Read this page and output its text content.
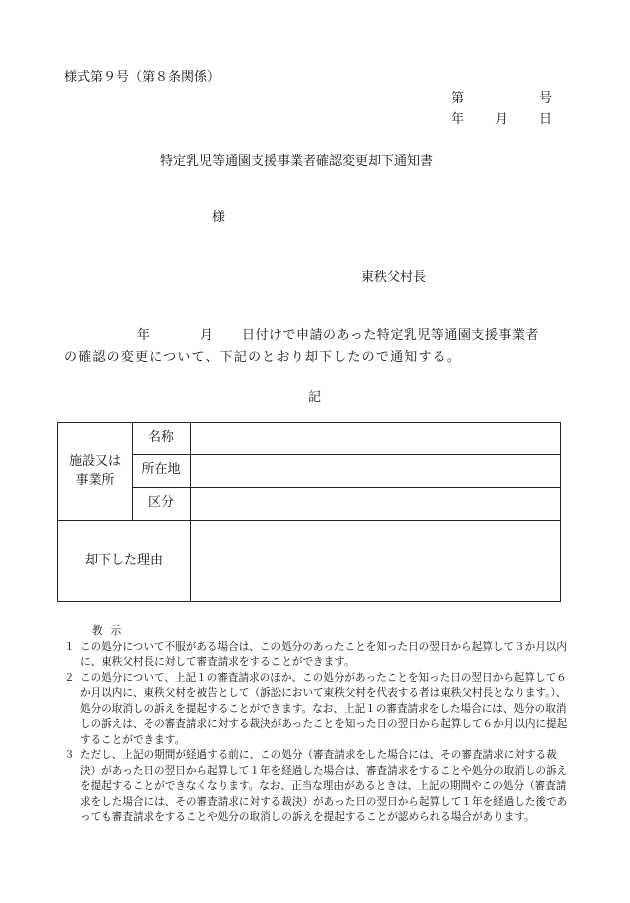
様式第９号（第８条関係）
第	号
年 月 日
特定乳児等通園支援事業者確認変更却下通知書
様
東秩父村長
年	月 日付けで申請のあった特定乳児等通園支援事業者
の確認の変更について、下記のとおり却下したので通知する。
記
施設又は
事業所
名称
所在地
区分
却下した理由
教示
１ この処分について不服がある場合は、この処分のあったことを知った日の翌日から起算して３か月以内に、東秩父村長に対して審査請求をすることができます。
２ この処分について、上記１の審査請求のほか、この処分があったことを知った日の翌日から起算して６か月以内に、東秩父村を被告として（訴訟において東秩父村を代表する者は東秩父村長となります。）、処分の取消しの訴えを提起することができます。なお、上記１の審査請求をした場合には、処分の取消しの訴えは、その審査請求に対する裁決があったことを知った日の翌日から起算して６か月以内に提起することができます。
３ ただし、上記の期間が経過する前に、この処分（審査請求をした場合には、その審査請求に対する裁決）があった日の翌日から起算して１年を経過した場合は、審査請求をすることや処分の取消しの訴えを提起することができなくなります。なお、正当な理由があるときは、上記の期間やこの処分（審査請求をした場合には、その審査請求に対する裁決）があった日の翌日から起算して１年を経過した後であっても審査請求をすることや処分の取消しの訴えを提起することが認められる場合があります。
